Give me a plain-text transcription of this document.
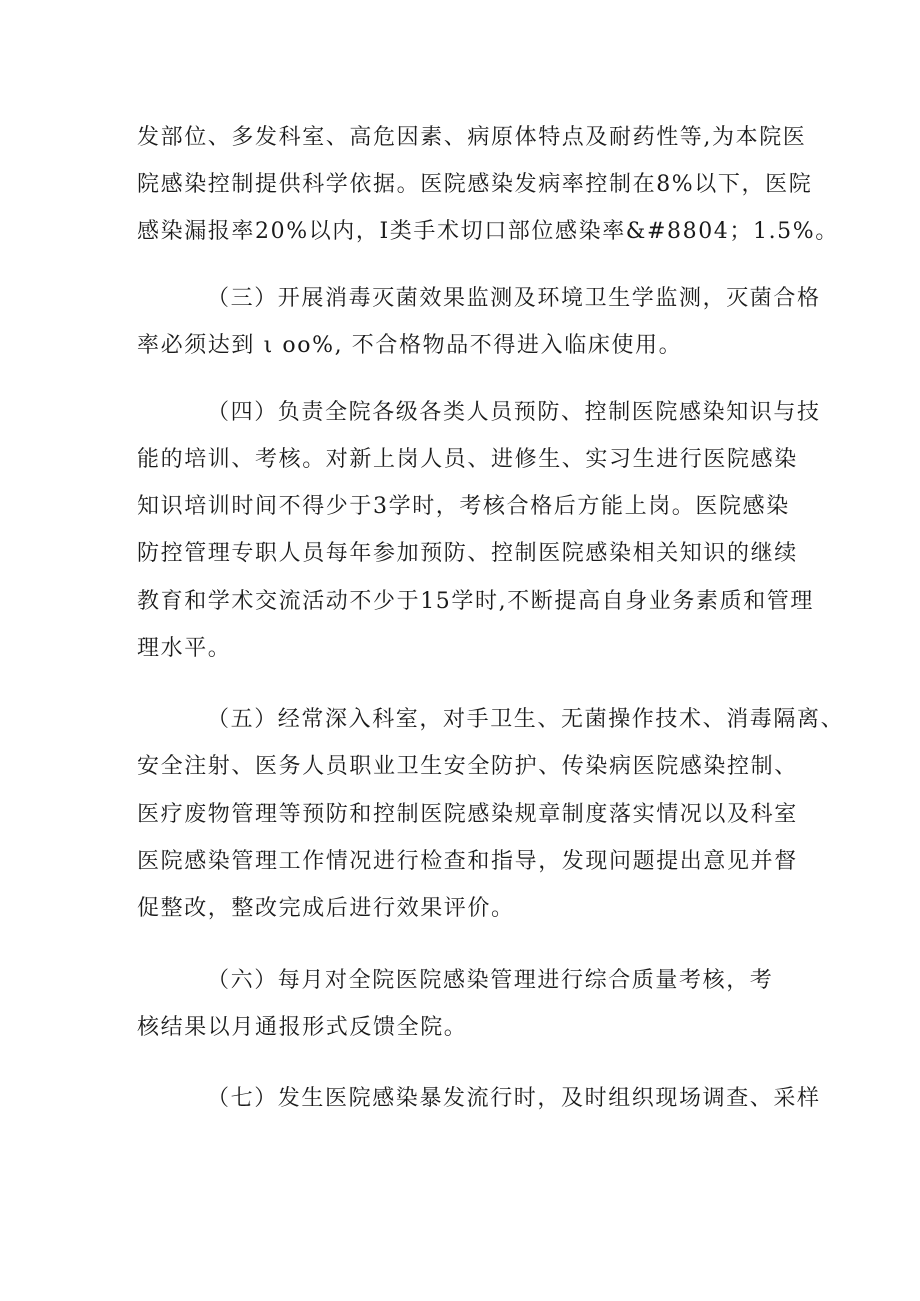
发部位、多发科室、高危因素、病原体特点及耐药性等,为本院医
院感染控制提供科学依据。医院感染发病率控制在8%以下，医院
感染漏报率20%以内，I类手术切口部位感染率&#8804；1.5%。
（三）开展消毒灭菌效果监测及环境卫生学监测，灭菌合格
率必须达到 ι oo%, 不合格物品不得进入临床使用。
（四）负责全院各级各类人员预防、控制医院感染知识与技
能的培训、考核。对新上岗人员、进修生、实习生进行医院感染
知识培训时间不得少于3学时，考核合格后方能上岗。医院感染
防控管理专职人员每年参加预防、控制医院感染相关知识的继续
教育和学术交流活动不少于15学时,不断提高自身业务素质和管理
理水平。
（五）经常深入科室，对手卫生、无菌操作技术、消毒隔离、
安全注射、医务人员职业卫生安全防护、传染病医院感染控制、
医疗废物管理等预防和控制医院感染规章制度落实情况以及科室
医院感染管理工作情况进行检查和指导，发现问题提出意见并督
促整改，整改完成后进行效果评价。
（六）每月对全院医院感染管理进行综合质量考核，考
核结果以月通报形式反馈全院。
（七）发生医院感染暴发流行时，及时组织现场调查、采样
